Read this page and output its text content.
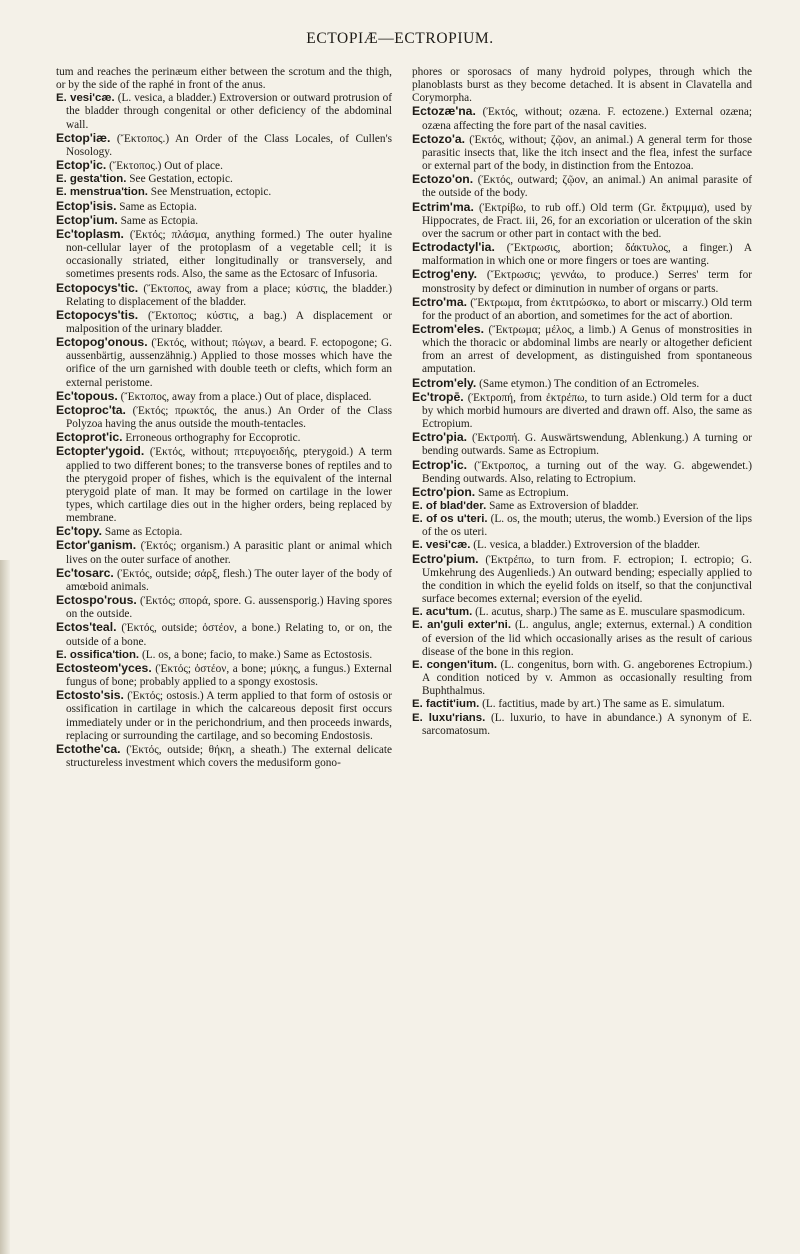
ECTOPIÆ—ECTROPIUM.

tum and reaches the perinæum either between the scrotum and the thigh, or by the side of the raphé in front of the anus.

E. vesi'cæ. (L. vesica, a bladder.) Extroversion or outward protrusion of the bladder through congenital or other deficiency of the abdominal wall.

Ectop'iæ. (Ἔκτοπος.) An Order of the Class Locales, of Cullen's Nosology.

Ectop'ic. (Ἔκτοπος.) Out of place.

E. gesta'tion. See Gestation, ectopic.

E. menstrua'tion. See Menstruation, ectopic.

Ectop'isis. Same as Ectopia.

Ectop'ium. Same as Ectopia.

Ec'toplasm. (Ἐκτός; πλάσμα, anything formed.) The outer hyaline non-cellular layer of the protoplasm of a vegetable cell; it is occasionally striated, either longitudinally or transversely, and sometimes presents rods. Also, the same as the Ectosarc of Infusoria.

Ectopocys'tic. (Ἔκτοπος, away from a place; κύστις, the bladder.) Relating to displacement of the bladder.

Ectopocys'tis. (Ἔκτοπος; κύστις, a bag.) A displacement or malposition of the urinary bladder.

Ectopog'onous. (Ἐκτός, without; πώγων, a beard. F. ectopogone; G. aussenbärtig, aussenzähnig.) Applied to those mosses which have the orifice of the urn garnished with double teeth or clefts, which form an external peristome.

Ec'topous. (Ἔκτοπος, away from a place.) Out of place, displaced.

Ectoproc'ta. (Ἐκτός; πρωκτός, the anus.) An Order of the Class Polyzoa having the anus outside the mouth-tentacles.

Ectoprot'ic. Erroneous orthography for Eccoprotic.

Ectopter'ygoid. (Ἐκτός, without; πτερυγοειδής, pterygoid.) A term applied to two different bones; to the transverse bones of reptiles and to the pterygoid proper of fishes, which is the equivalent of the internal pterygoid plate of man. It may be formed on cartilage in the lower types, which cartilage dies out in the higher orders, being replaced by membrane.

Ec'topy. Same as Ectopia.

Ector'ganism. (Ἐκτός; organism.) A parasitic plant or animal which lives on the outer surface of another.

Ec'tosarc. (Ἐκτός, outside; σάρξ, flesh.) The outer layer of the body of amœboid animals.

Ectospo'rous. (Ἐκτός; σπορά, spore. G. aussensporig.) Having spores on the outside.

Ectos'teal. (Ἐκτός, outside; ὀστέον, a bone.) Relating to, or on, the outside of a bone.

E. ossifica'tion. (L. os, a bone; facio, to make.) Same as Ectostosis.

Ectosteom'yces. (Ἐκτός; ὀστέον, a bone; μύκης, a fungus.) External fungus of bone; probably applied to a spongy exostosis.

Ectosto'sis. (Ἐκτός; ostosis.) A term applied to that form of ostosis or ossification in cartilage in which the calcareous deposit first occurs immediately under or in the perichondrium, and then proceeds inwards, replacing or surrounding the cartilage, and so becoming Endostosis.

Ectothe'ca. (Ἐκτός, outside; θήκη, a sheath.) The external delicate structureless investment which covers the medusiform gono-

phores or sporosacs of many hydroid polypes, through which the planoblasts burst as they become detached. It is absent in Clavatella and Corymorpha.

Ectozæ'na. (Ἐκτός, without; ozæna. F. ectozene.) External ozæna; ozæna affecting the fore part of the nasal cavities.

Ectozo'a. (Ἐκτός, without; ζῷον, an animal.) A general term for those parasitic insects that, like the itch insect and the flea, infest the surface or external part of the body, in distinction from the Entozoa.

Ectozo'on. (Ἐκτός, outward; ζῷον, an animal.) An animal parasite of the outside of the body.

Ectrim'ma. (Ἐκτρίβω, to rub off.) Old term (Gr. ἔκτριμμα), used by Hippocrates, de Fract. iii, 26, for an excoriation or ulceration of the skin over the sacrum or other part in contact with the bed.

Ectrodactyl'ia. (Ἔκτρωσις, abortion; δάκτυλος, a finger.) A malformation in which one or more fingers or toes are wanting.

Ectrog'eny. (Ἔκτρωσις; γεννάω, to produce.) Serres' term for monstrosity by defect or diminution in number of organs or parts.

Ectro'ma. (Ἔκτρωμα, from ἐκτιτρώσκω, to abort or miscarry.) Old term for the product of an abortion, and sometimes for the act of abortion.

Ectrom'eles. (Ἔκτρωμα; μέλος, a limb.) A Genus of monstrosities in which the thoracic or abdominal limbs are nearly or altogether deficient from an arrest of development, as distinguished from spontaneous amputation.

Ectrom'ely. (Same etymon.) The condition of an Ectromeles.

Ec'tropē. (Ἐκτροπή, from ἐκτρέπω, to turn aside.) Old term for a duct by which morbid humours are diverted and drawn off. Also, the same as Ectropium.

Ectro'pia. (Ἐκτροπή. G. Auswärtswendung, Ablenkung.) A turning or bending outwards. Same as Ectropium.

Ectrop'ic. (Ἔκτροπος, a turning out of the way. G. abgewendet.) Bending outwards. Also, relating to Ectropium.

Ectro'pion. Same as Ectropium.

E. of blad'der. Same as Extroversion of bladder.

E. of os u'teri. (L. os, the mouth; uterus, the womb.) Eversion of the lips of the os uteri.

E. vesi'cæ. (L. vesica, a bladder.) Extroversion of the bladder.

Ectro'pium. (Ἐκτρέπω, to turn from. F. ectropion; I. ectropio; G. Umkehrung des Augenlieds.) An outward bending; especially applied to the condition in which the eyelid folds on itself, so that the conjunctival surface becomes external; eversion of the eyelid.

E. acu'tum. (L. acutus, sharp.) The same as E. musculare spasmodicum.

E. an'guli exter'ni. (L. angulus, angle; externus, external.) A condition of eversion of the lid which occasionally arises as the result of carious disease of the bone in this region.

E. congen'itum. (L. congenitus, born with. G. angeborenes Ectropium.) A condition noticed by v. Ammon as occasionally resulting from Buphthalmus.

E. factit'ium. (L. factitius, made by art.) The same as E. simulatum.

E. luxu'rians. (L. luxurio, to have in abundance.) A synonym of E. sarcomatosum.
